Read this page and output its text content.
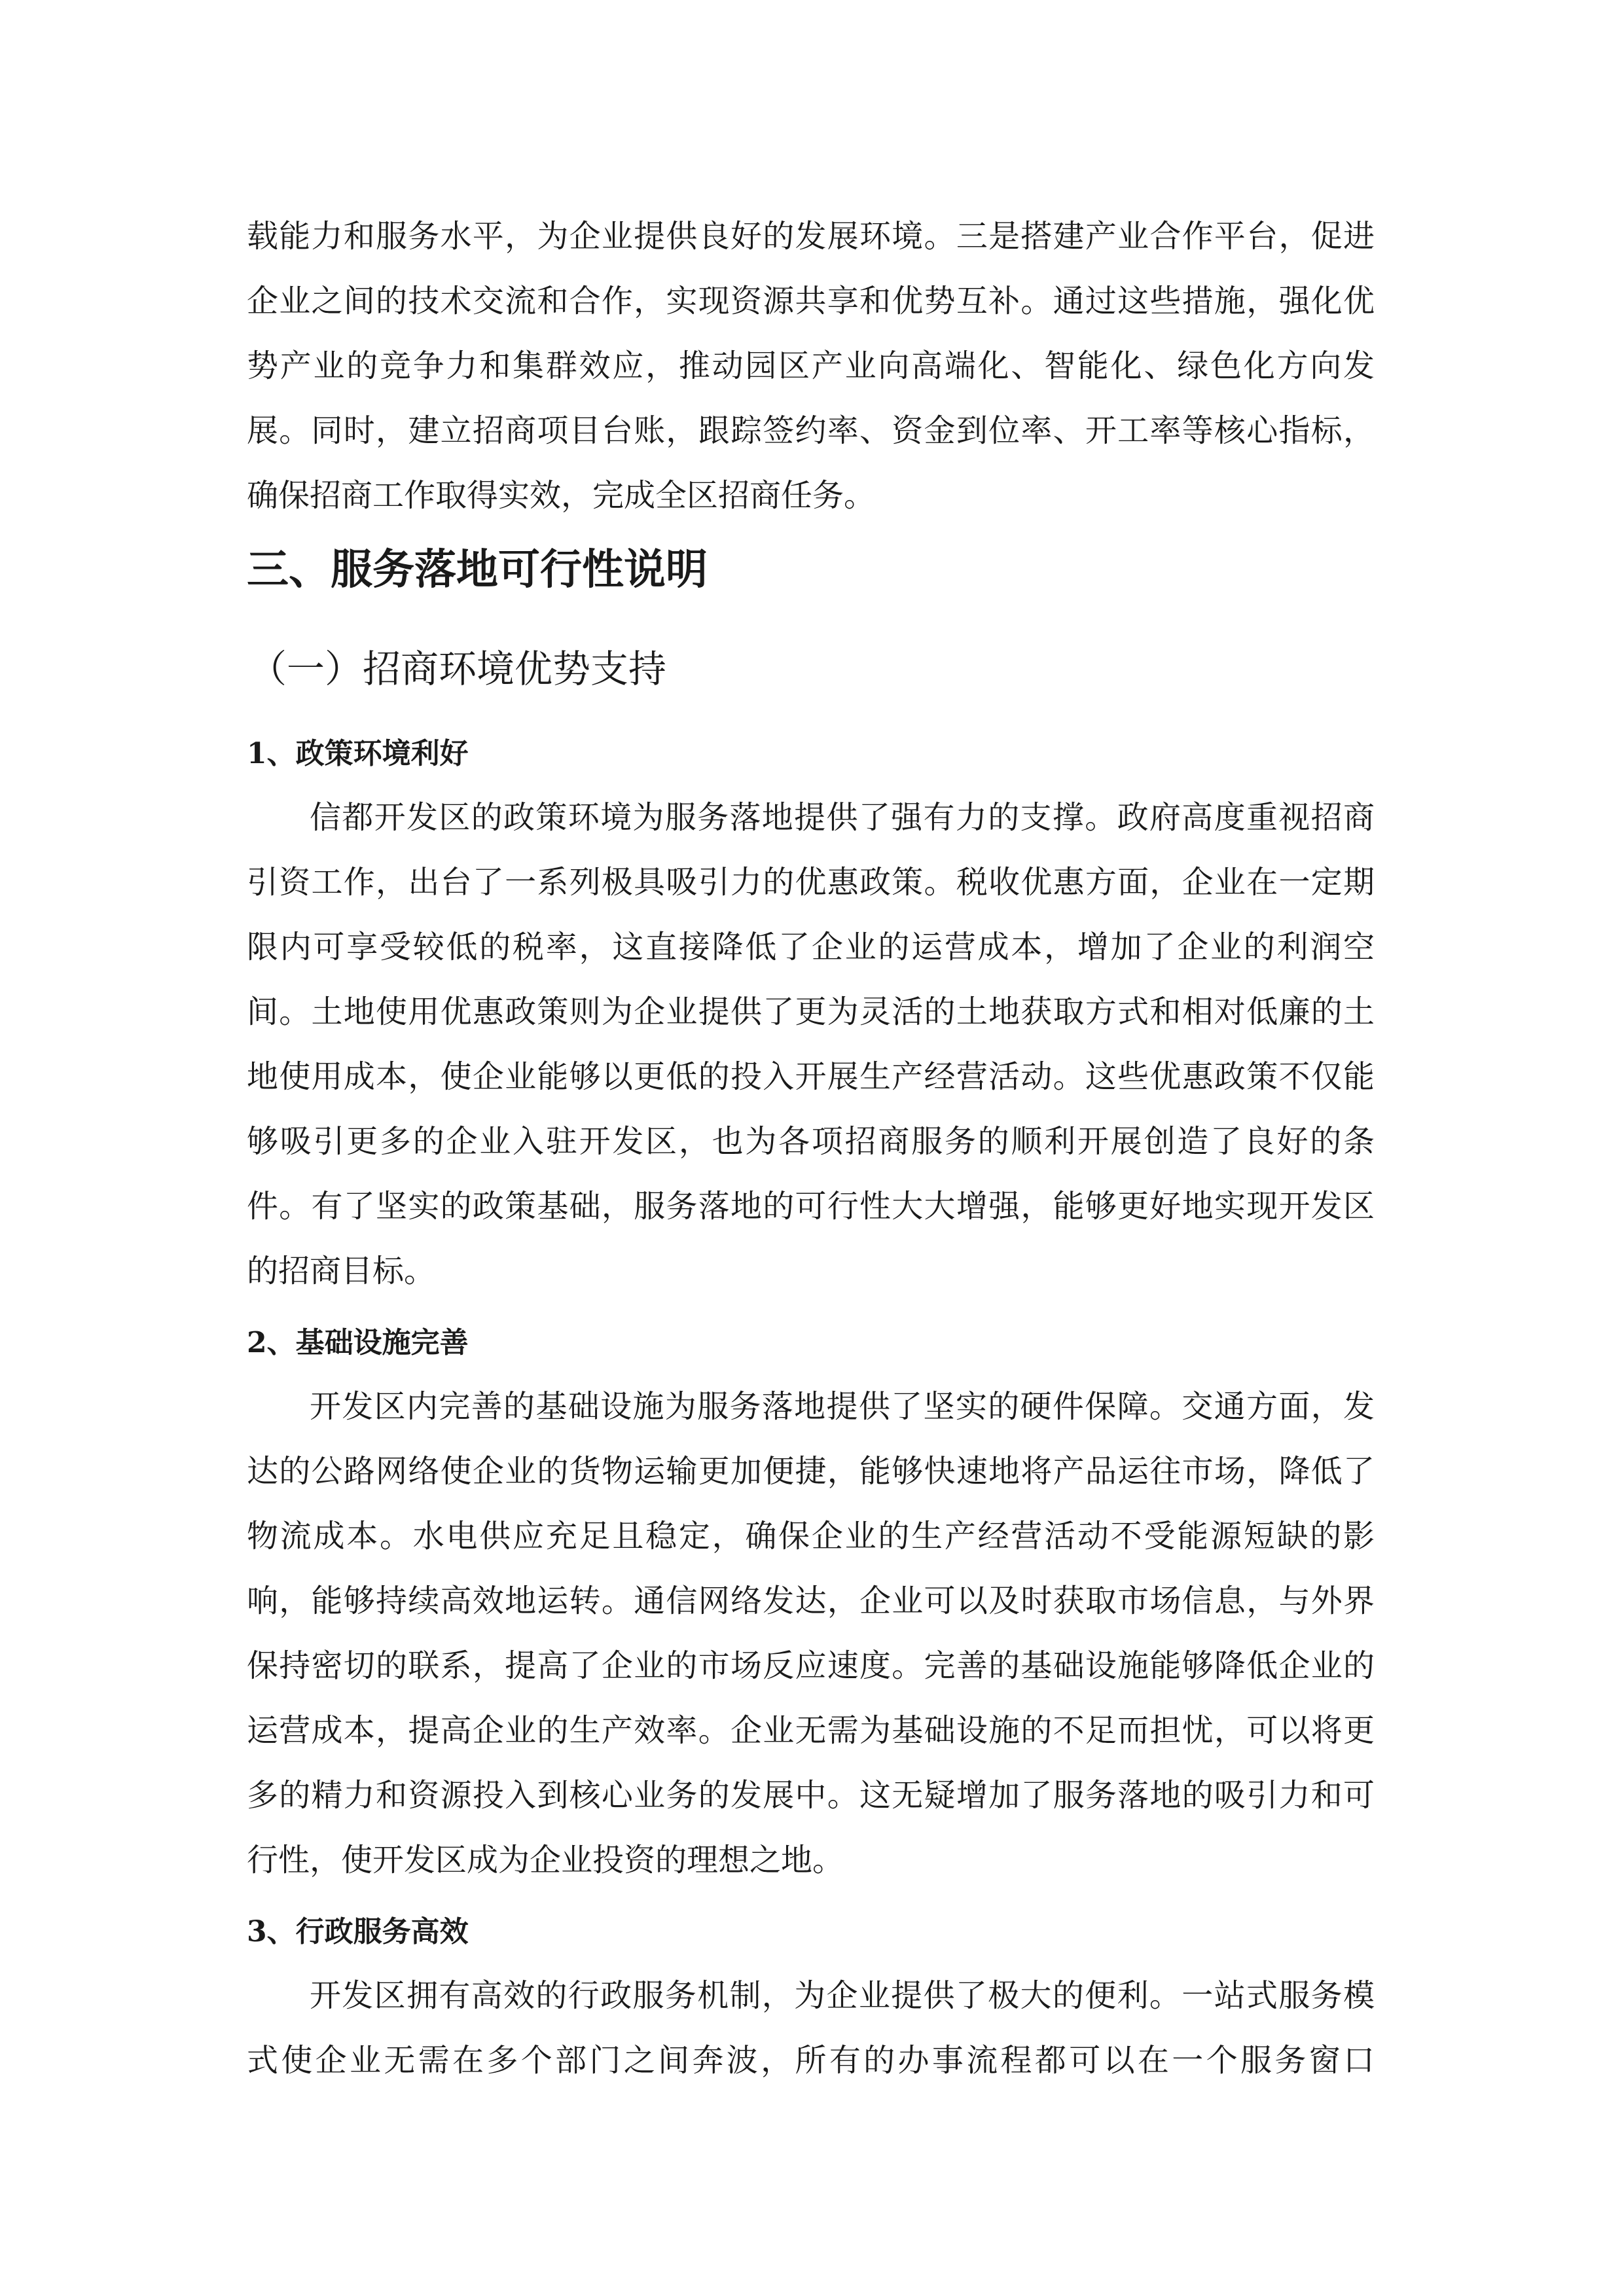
载能力和服务水平，为企业提供良好的发展环境。三是搭建产业合作平台，促进企业之间的技术交流和合作，实现资源共享和优势互补。通过这些措施，强化优势产业的竞争力和集群效应，推动园区产业向高端化、智能化、绿色化方向发展。同时，建立招商项目台账，跟踪签约率、资金到位率、开工率等核心指标，确保招商工作取得实效，完成全区招商任务。

三、服务落地可行性说明
（一）招商环境优势支持
1、政策环境利好

信都开发区的政策环境为服务落地提供了强有力的支撑。政府高度重视招商引资工作，出台了一系列极具吸引力的优惠政策。税收优惠方面，企业在一定期限内可享受较低的税率，这直接降低了企业的运营成本，增加了企业的利润空间。土地使用优惠政策则为企业提供了更为灵活的土地获取方式和相对低廉的土地使用成本，使企业能够以更低的投入开展生产经营活动。这些优惠政策不仅能够吸引更多的企业入驻开发区，也为各项招商服务的顺利开展创造了良好的条件。有了坚实的政策基础，服务落地的可行性大大增强，能够更好地实现开发区的招商目标。

2、基础设施完善

开发区内完善的基础设施为服务落地提供了坚实的硬件保障。交通方面，发达的公路网络使企业的货物运输更加便捷，能够快速地将产品运往市场，降低了物流成本。水电供应充足且稳定，确保企业的生产经营活动不受能源短缺的影响，能够持续高效地运转。通信网络发达，企业可以及时获取市场信息，与外界保持密切的联系，提高了企业的市场反应速度。完善的基础设施能够降低企业的运营成本，提高企业的生产效率。企业无需为基础设施的不足而担忧，可以将更多的精力和资源投入到核心业务的发展中。这无疑增加了服务落地的吸引力和可行性，使开发区成为企业投资的理想之地。

3、行政服务高效

开发区拥有高效的行政服务机制，为企业提供了极大的便利。一站式服务模式使企业无需在多个部门之间奔波，所有的办事流程都可以在一个服务窗口
